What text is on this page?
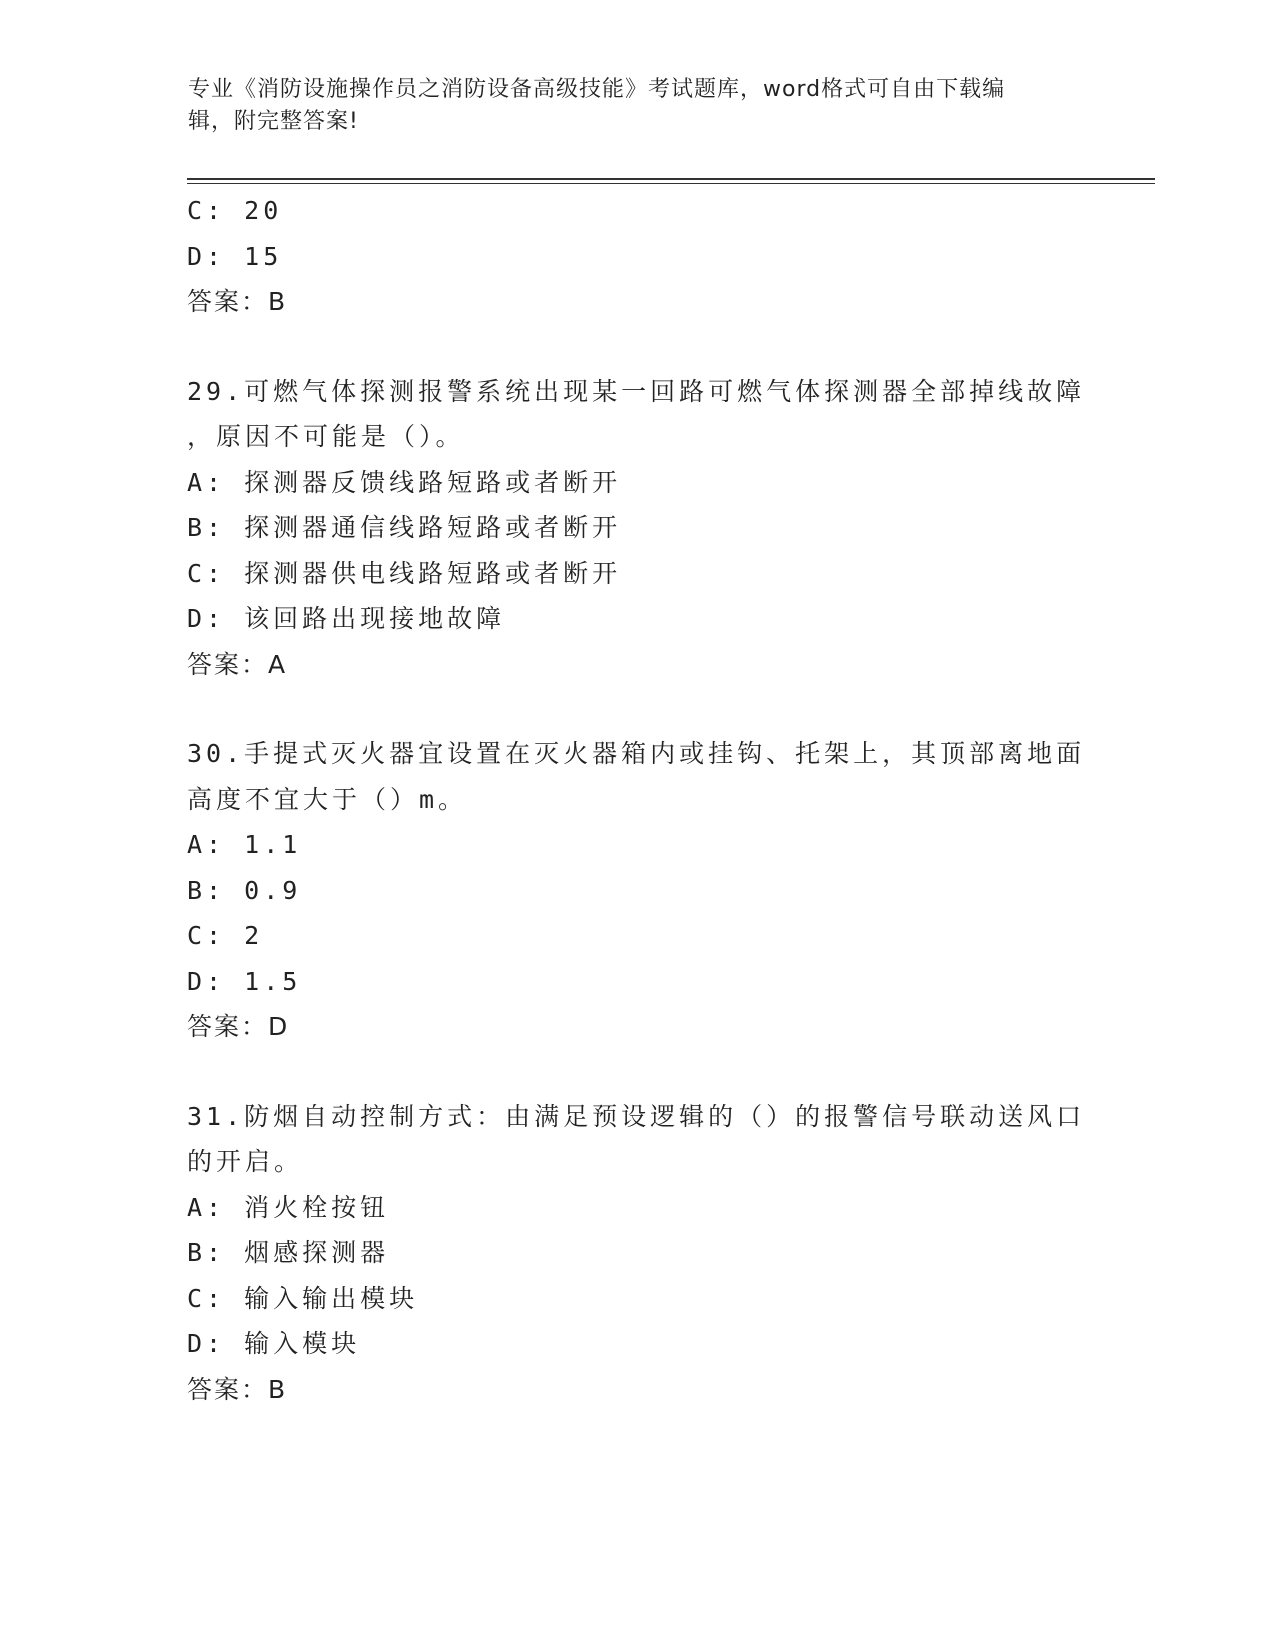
专业《消防设施操作员之消防设备高级技能》考试题库，word格式可自由下载编
辑，附完整答案!
C: 20
D: 15
答案：B
29.可燃气体探测报警系统出现某一回路可燃气体探测器全部掉线故障
，原因不可能是（）。
A: 探测器反馈线路短路或者断开
B: 探测器通信线路短路或者断开
C: 探测器供电线路短路或者断开
D: 该回路出现接地故障
答案：A
30.手提式灭火器宜设置在灭火器箱内或挂钩、托架上，其顶部离地面
高度不宜大于（）m。
A: 1.1
B: 0.9
C: 2
D: 1.5
答案：D
31.防烟自动控制方式：由满足预设逻辑的（）的报警信号联动送风口
的开启。
A: 消火栓按钮
B: 烟感探测器
C: 输入输出模块
D: 输入模块
答案：B
